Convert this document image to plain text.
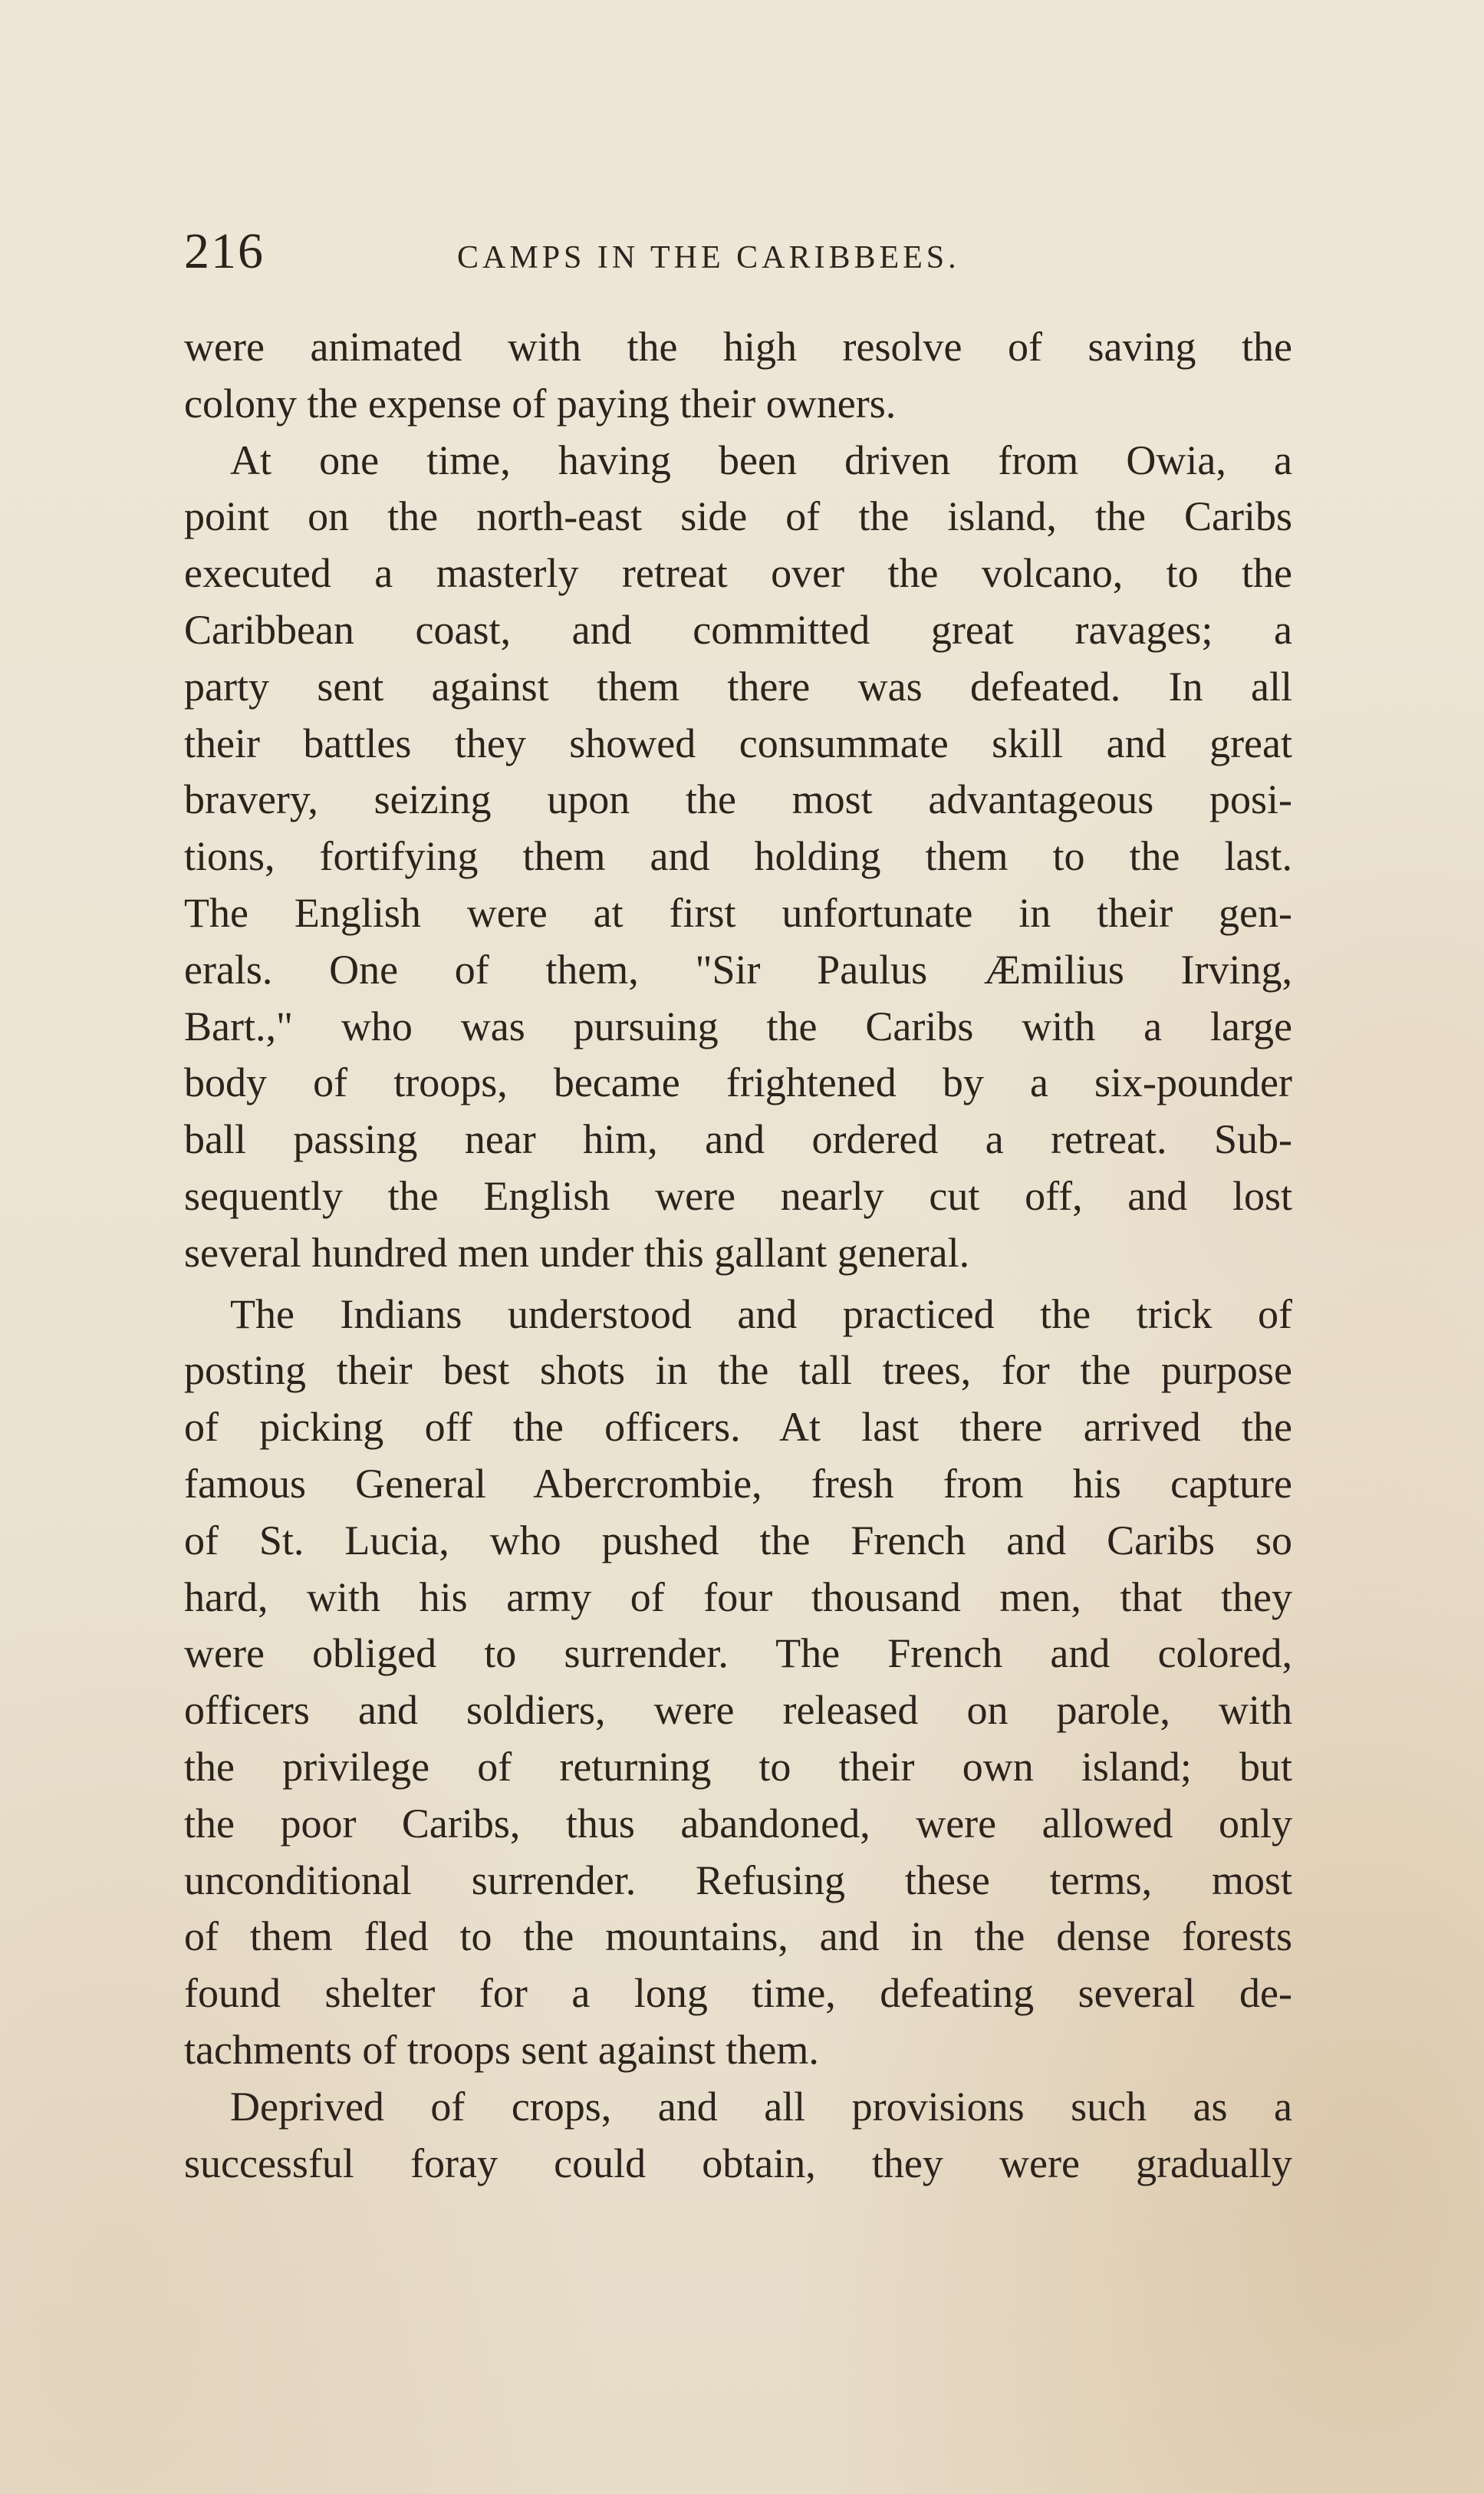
216	CAMPS IN THE CARIBBEES.
were animated with the high resolve of saving the
colony the expense of paying their owners.
At one time, having been driven from Owia, a
point on the north-east side of the island, the Caribs
executed a masterly retreat over the volcano, to the
Caribbean coast, and committed great ravages; a
party sent against them there was defeated. In all
their battles they showed consummate skill and great
bravery, seizing upon the most advantageous posi-
tions, fortifying them and holding them to the last.
The English were at first unfortunate in their gen-
erals. One of them, "Sir Paulus Æmilius Irving,
Bart.," who was pursuing the Caribs with a large
body of troops, became frightened by a six-pounder
ball passing near him, and ordered a retreat. Sub-
sequently the English were nearly cut off, and lost
several hundred men under this gallant general.
The Indians understood and practiced the trick of
posting their best shots in the tall trees, for the purpose
of picking off the officers. At last there arrived the
famous General Abercrombie, fresh from his capture
of St. Lucia, who pushed the French and Caribs so
hard, with his army of four thousand men, that they
were obliged to surrender. The French and colored,
officers and soldiers, were released on parole, with
the privilege of returning to their own island; but
the poor Caribs, thus abandoned, were allowed only
unconditional surrender. Refusing these terms, most
of them fled to the mountains, and in the dense forests
found shelter for a long time, defeating several de-
tachments of troops sent against them.
Deprived of crops, and all provisions such as a
successful foray could obtain, they were gradually
